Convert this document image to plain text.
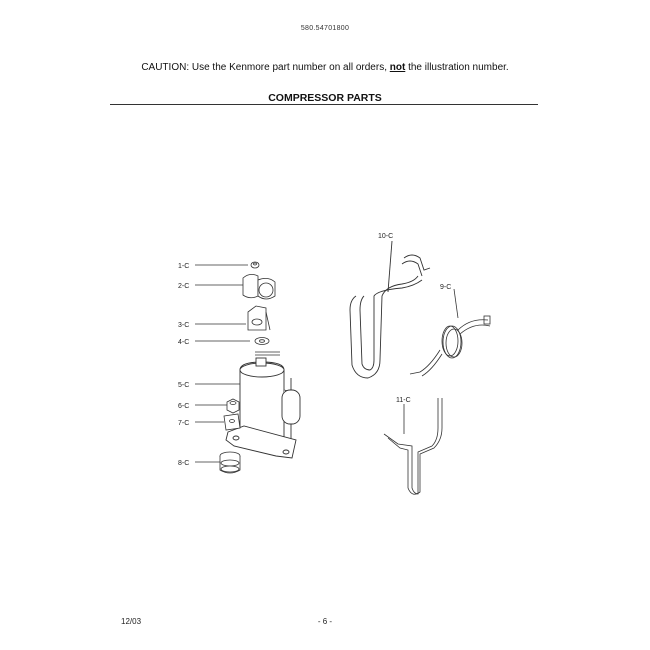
580.54701800
CAUTION: Use the Kenmore part number on all orders, not the illustration number.
COMPRESSOR PARTS
1-C
2-C
3-C
4-C
5-C
6-C
7-C
8-C
9-C
10-C
11-C
12/03	- 6 -
